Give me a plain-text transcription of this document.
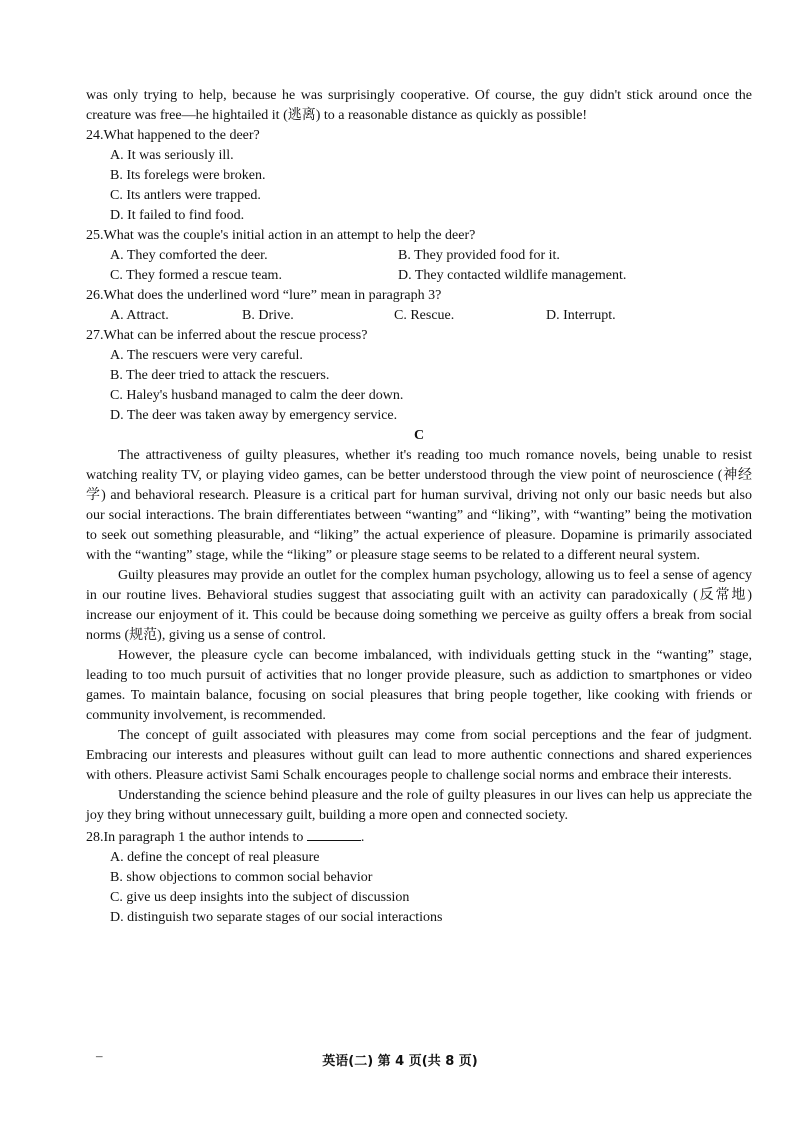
was only trying to help, because he was surprisingly cooperative. Of course, the guy didn't stick around once the creature was free—he hightailed it (逃离) to a reasonable distance as quickly as possible!

24.What happened to the deer?

A. It was seriously ill.

B. Its forelegs were broken.

C. Its antlers were trapped.

D. It failed to find food.

25.What was the couple's initial action in an attempt to help the deer?

A. They comforted the deer.	B. They provided food for it.
C. They formed a rescue team.	D. They contacted wildlife management.

26.What does the underlined word “lure” mean in paragraph 3?

A. Attract.	B. Drive.	C. Rescue.	D. Interrupt.

27.What can be inferred about the rescue process?

A. The rescuers were very careful.

B. The deer tried to attack the rescuers.

C. Haley's husband managed to calm the deer down.

D. The deer was taken away by emergency service.

C

The attractiveness of guilty pleasures, whether it's reading too much romance novels, being unable to resist watching reality TV, or playing video games, can be better understood through the view point of neuroscience (神经学) and behavioral research. Pleasure is a critical part for human survival, driving not only our basic needs but also our social interactions. The brain differentiates between “wanting” and “liking”, with “wanting” being the motivation to seek out something pleasurable, and “liking” the actual experience of pleasure. Dopamine is primarily associated with the “wanting” stage, while the “liking” or pleasure stage seems to be related to a different neural system.

Guilty pleasures may provide an outlet for the complex human psychology, allowing us to feel a sense of agency in our routine lives. Behavioral studies suggest that associating guilt with an activity can paradoxically (反常地) increase our enjoyment of it. This could be because doing something we perceive as guilty offers a break from social norms (规范), giving us a sense of control.

However, the pleasure cycle can become imbalanced, with individuals getting stuck in the “wanting” stage, leading to too much pursuit of activities that no longer provide pleasure, such as addiction to smartphones or video games. To maintain balance, focusing on social pleasures that bring people together, like cooking with friends or community involvement, is recommended.

The concept of guilt associated with pleasures may come from social perceptions and the fear of judgment. Embracing our interests and pleasures without guilt can lead to more authentic connections and shared experiences with others. Pleasure activist Sami Schalk encourages people to challenge social norms and embrace their interests.

Understanding the science behind pleasure and the role of guilty pleasures in our lives can help us appreciate the joy they bring without unnecessary guilt, building a more open and connected society.

28.In paragraph 1 the author intends to	.

A. define the concept of real pleasure

B. show objections to common social behavior

C. give us deep insights into the subject of discussion

D. distinguish two separate stages of our social interactions

–	英语(二) 第 4 页(共 8 页)
